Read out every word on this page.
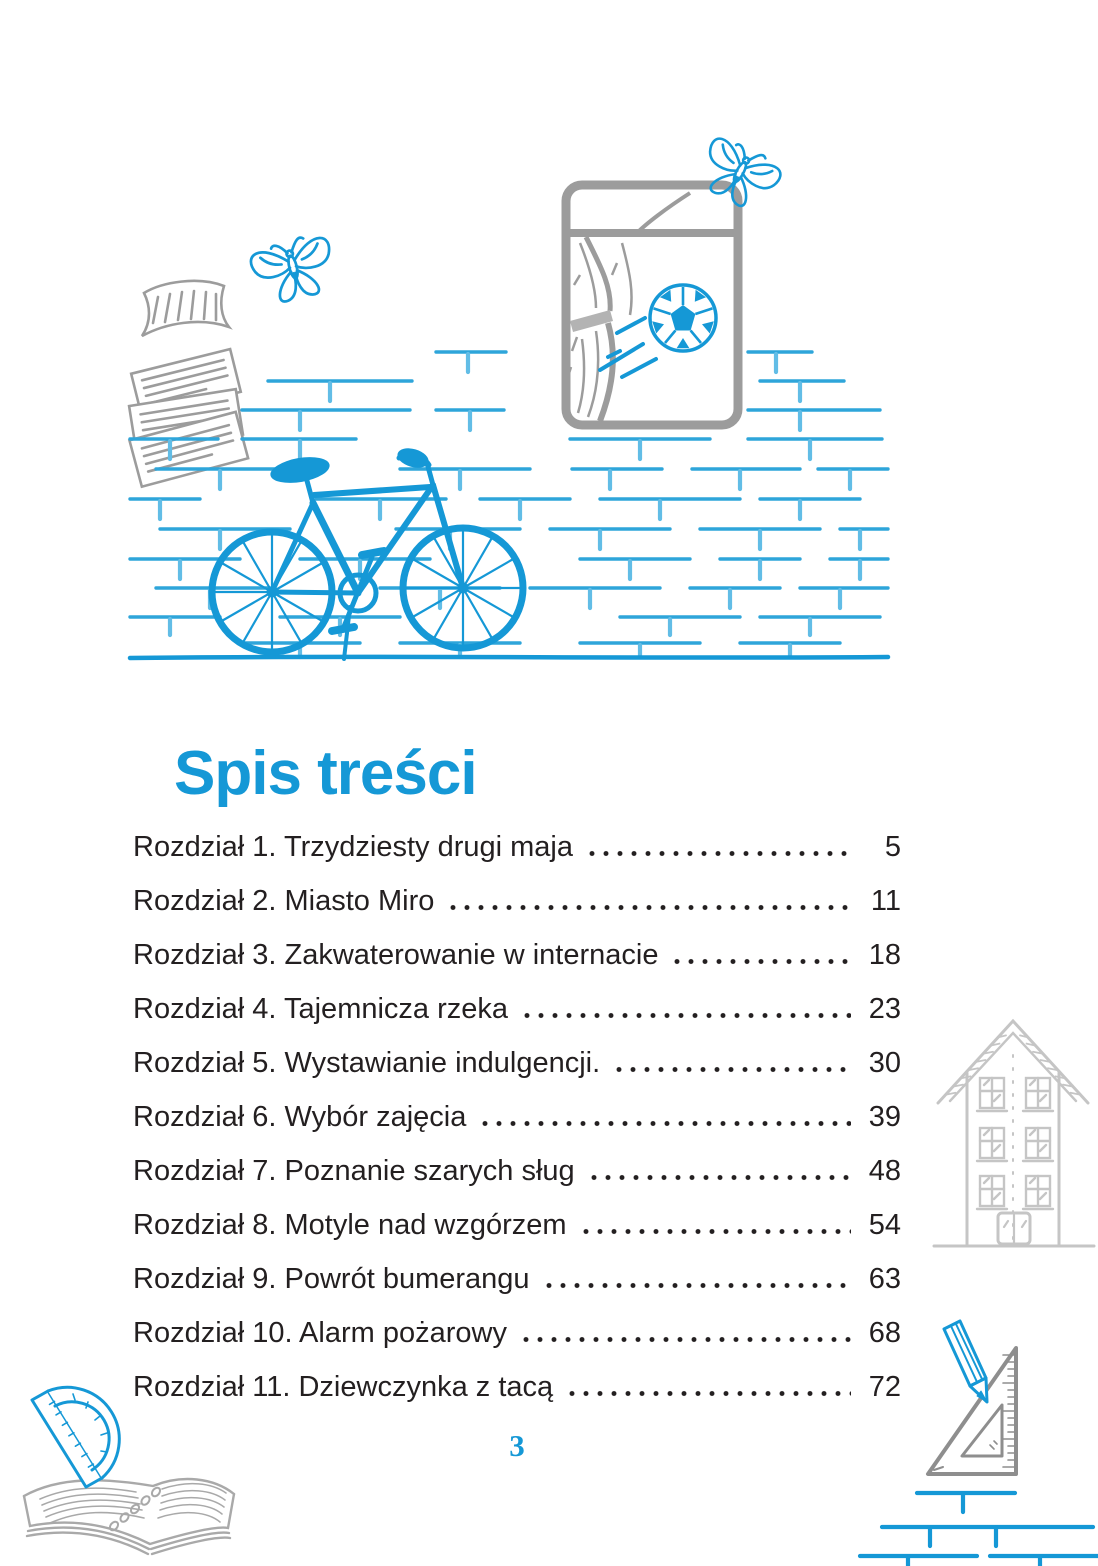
Spis treści
Rozdział 1. Trzydziesty drugi maja	5
Rozdział 2. Miasto Miro	11
Rozdział 3. Zakwaterowanie w internacie	18
Rozdział 4. Tajemnicza rzeka	23
Rozdział 5. Wystawianie indulgencji.	30
Rozdział 6. Wybór zajęcia	39
Rozdział 7. Poznanie szarych sług	48
Rozdział 8. Motyle nad wzgórzem	54
Rozdział 9. Powrót bumerangu	63
Rozdział 10. Alarm pożarowy	68
Rozdział 11. Dziewczynka z tacą	72
3
